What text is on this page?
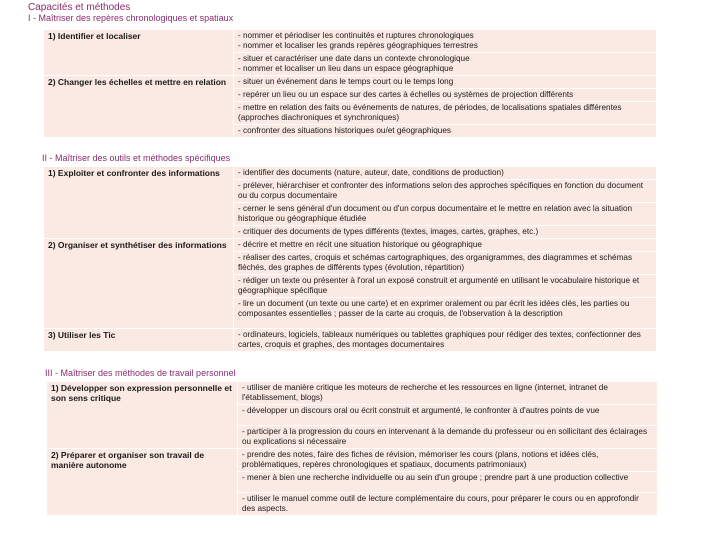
Capacités et méthodes
I - Maîtriser des repères chronologiques et spatiaux
1) Identifier et localiser	- nommer et périodiser les continuités et ruptures chronologiques
- nommer et localiser les grands repères géographiques terrestres
	- situer et caractériser une date dans un contexte chronologique
- nommer et localiser un lieu dans un espace géographique
2) Changer les échelles et mettre en relation	- situer un événement dans le temps court ou le temps long
	- repérer un lieu ou un espace sur des cartes à échelles ou systèmes de projection différents
	- mettre en relation des faits ou événements de natures, de périodes, de localisations spatiales différentes (approches diachroniques et synchroniques)
	- confronter des situations historiques ou/et géographiques
II - Maîtriser des outils et méthodes spécifiques
1) Exploiter et confronter des informations	- identifier des documents (nature, auteur, date, conditions de production)
	- prélever, hiérarchiser et confronter des informations selon des approches spécifiques en fonction du document ou du corpus documentaire
	- cerner le sens général d'un document ou d'un corpus documentaire et le mettre en relation avec la situation historique ou géographique étudiée
	- critiquer des documents de types différents (textes, images, cartes, graphes, etc.)
2) Organiser et synthétiser des informations	- décrire et mettre en récit une situation historique ou géographique
	- réaliser des cartes, croquis et schémas cartographiques, des organigrammes, des diagrammes et schémas fléchés, des graphes de différents types (évolution, répartition)
	- rédiger un texte ou présenter à l'oral un exposé construit et argumenté en utilisant le vocabulaire historique et géographique spécifique
	- lire un document (un texte ou une carte) et en exprimer oralement ou par écrit les idées clés, les parties ou composantes essentielles ; passer de la carte au croquis, de l'observation à la description
3) Utiliser les Tic	- ordinateurs, logiciels, tableaux numériques ou tablettes graphiques pour rédiger des textes, confectionner des cartes, croquis et graphes, des montages documentaires
III - Maîtriser des méthodes de travail personnel
1) Développer son expression personnelle et son sens critique	- utiliser de manière critique les moteurs de recherche et les ressources en ligne (internet, intranet de l'établissement, blogs)
	- développer un discours oral ou écrit construit et argumenté, le confronter à d'autres points de vue
	- participer à la progression du cours en intervenant à la demande du professeur ou en sollicitant des éclairages ou explications si nécessaire
2) Préparer et organiser son travail de manière autonome	- prendre des notes, faire des fiches de révision, mémoriser les cours (plans, notions et idées clés, problématiques, repères chronologiques et spatiaux, documents patrimoniaux)
	- mener à bien une recherche individuelle ou au sein d'un groupe ; prendre part à une production collective
	- utiliser le manuel comme outil de lecture complémentaire du cours, pour préparer le cours ou en approfondir des aspects.
